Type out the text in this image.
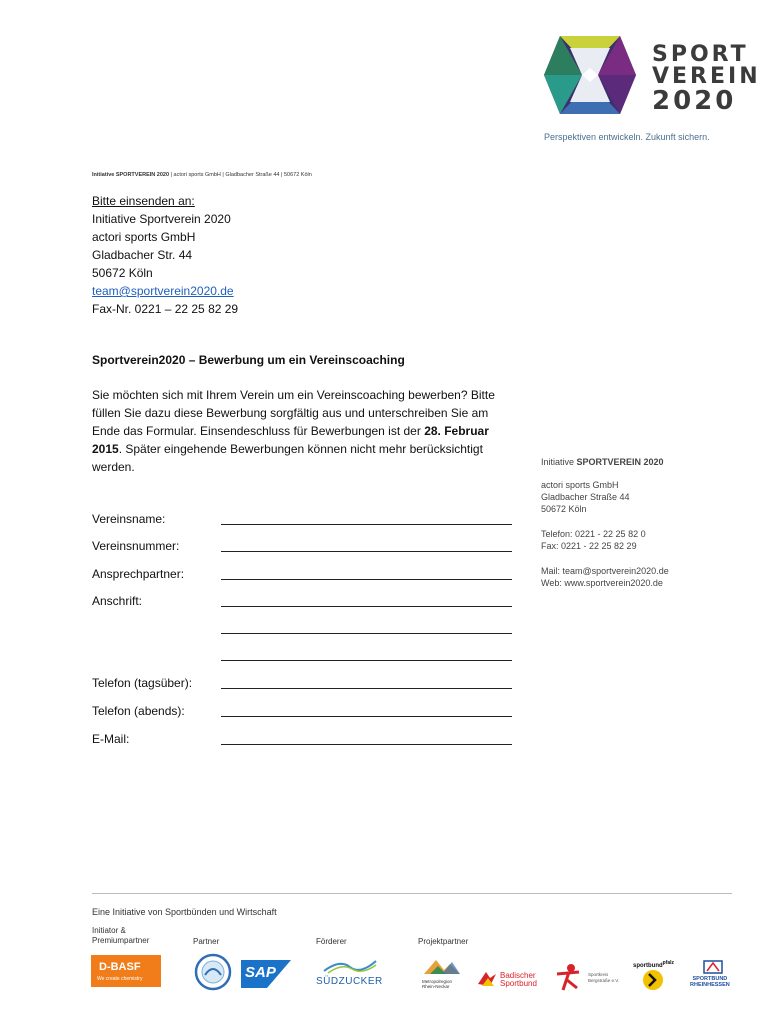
SPORT
VEREIN
2020
Perspektiven entwickeln. Zukunft sichern.
Initiative SPORTVEREIN 2020 | actori sports GmbH | Gladbacher Straße 44 | 50672 Köln
Bitte einsenden an:
Initiative Sportverein 2020
actori sports GmbH
Gladbacher Str. 44
50672 Köln
team@sportverein2020.de
Fax-Nr. 0221 – 22 25 82 29
Sportverein2020 – Bewerbung um ein Vereinscoaching
Sie möchten sich mit Ihrem Verein um ein Vereinscoaching bewerben? Bitte füllen Sie dazu diese Bewerbung sorgfältig aus und unterschreiben Sie am Ende das Formular. Einsendeschluss für Bewerbungen ist der 28. Februar 2015. Später eingehende Bewerbungen können nicht mehr berücksichtigt werden.
Vereinsname:
Vereinsnummer:
Ansprechpartner:
Anschrift:
Telefon (tagsüber):
Telefon (abends):
E-Mail:
Initiative SPORTVEREIN 2020
actori sports GmbH
Gladbacher Straße 44
50672 Köln
Telefon: 0221 - 22 25 82 0
Fax: 0221 - 22 25 82 29
Mail: team@sportverein2020.de
Web: www.sportverein2020.de
Eine Initiative von Sportbünden und Wirtschaft
Initiator &
Premiumpartner	Partner	Förderer	Projektpartner
D-BASF
We create chemistry	SAP
SÜDZUCKER	Metropolregion
Rhein-Neckar
Badischer
Sportbund
Sportkreis
Bergstraße e.V.
sportbund$^{pfalz}$
SPORTBUND
RHEINHESSEN
